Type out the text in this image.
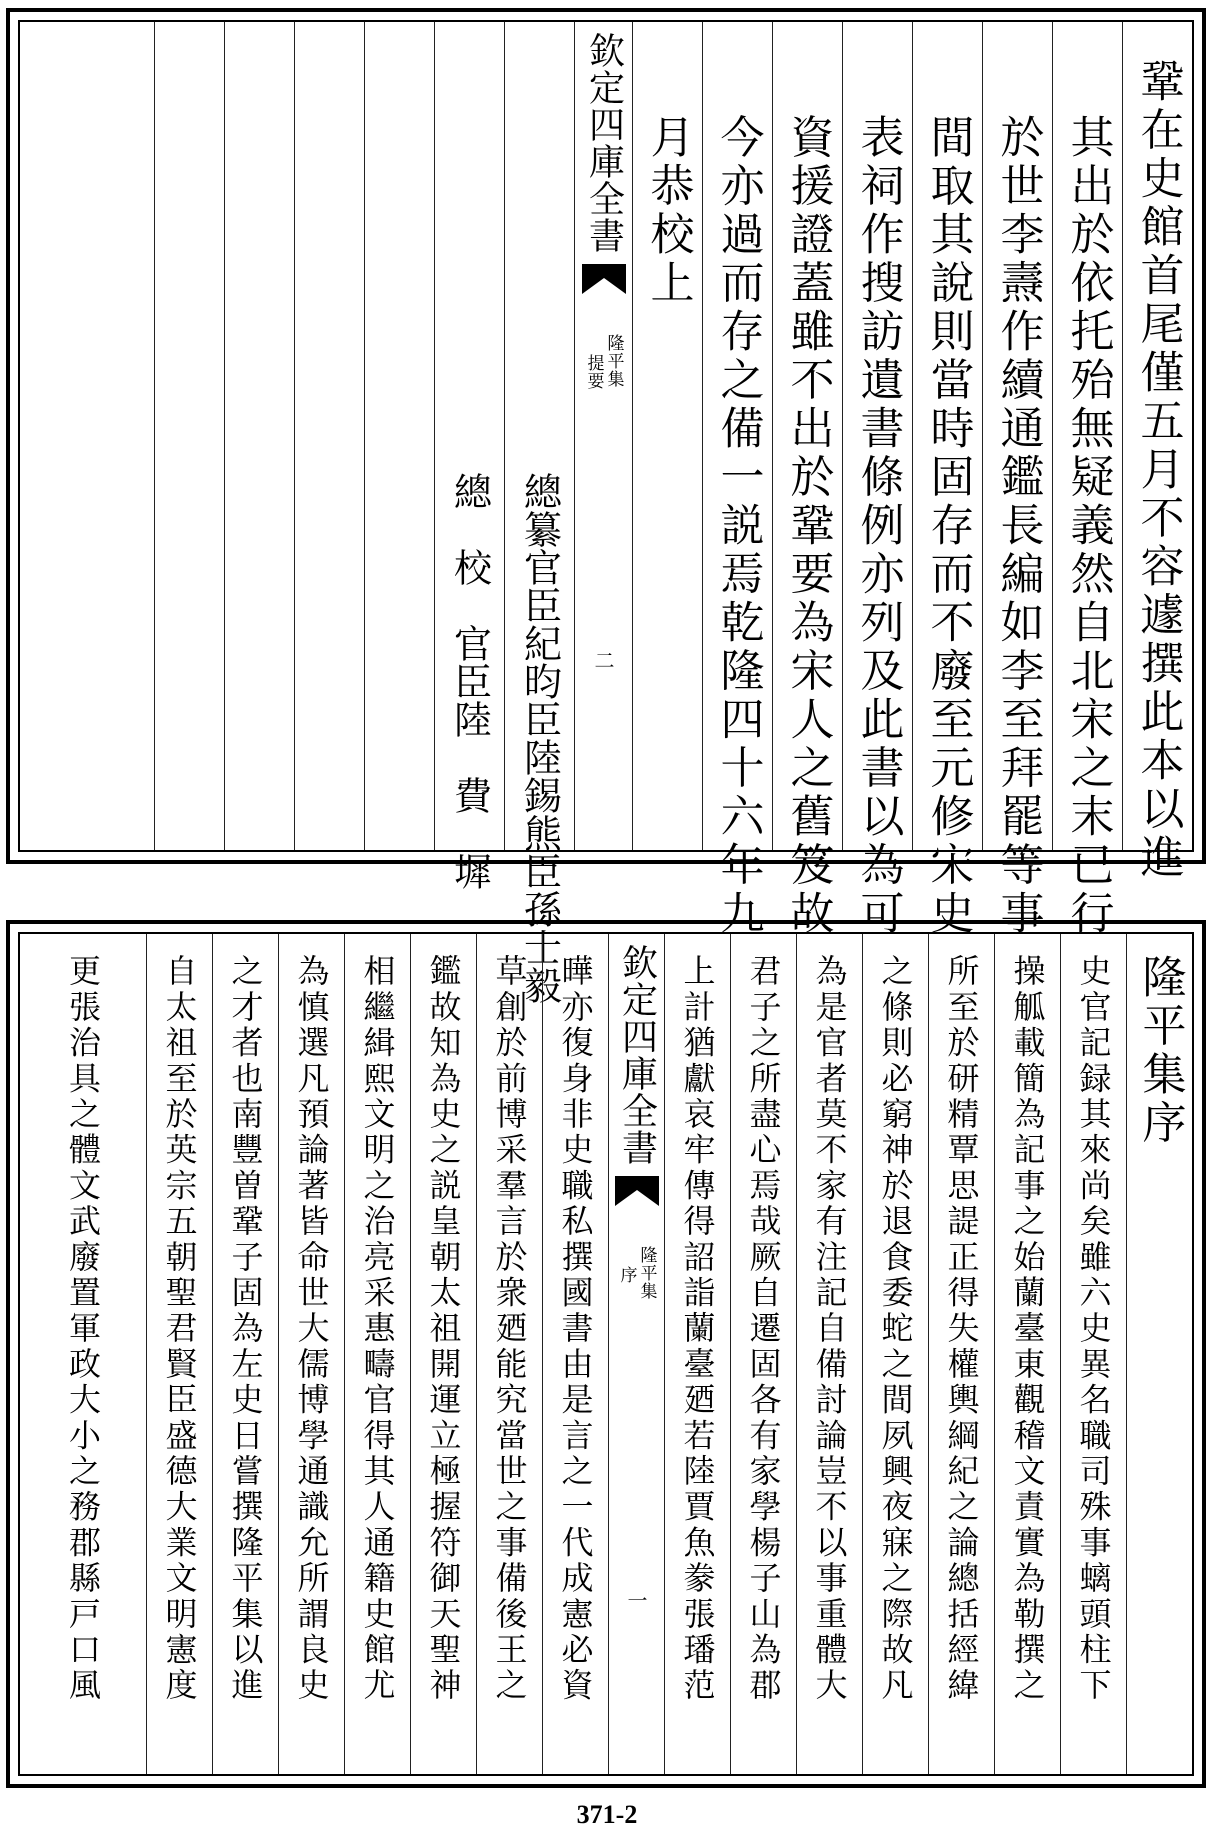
鞏在史館首尾僅五月不容遽撰此本以進
其出於依托殆無疑義然自北宋之末已行
於世李燾作續通鑑長編如李至拜罷等事
間取其說則當時固存而不廢至元修宋史
表祠作搜訪遺書條例亦列及此書以為可
資援證蓋雖不出於鞏要為宋人之舊笈故
今亦過而存之備一説焉乾隆四十六年九
月恭校上
欽定四庫全書
隆平集
提要
二
總纂官臣紀昀臣陸錫熊臣孫士毅
總　校　官臣陸　費　墀
隆平集序
史官記録其來尚矣雖六史異名職司殊事螭頭柱下
操觚載簡為記事之始蘭臺東觀稽文責實為勒撰之
所至於研精覃思諟正得失權輿綱紀之論總括經緯
之條則必窮神於退食委蛇之間夙興夜寐之際故凡
為是官者莫不家有注記自備討論豈不以事重體大
君子之所盡心焉哉厥自遷固各有家學楊子山為郡
上計猶獻哀牢傳得詔詣蘭臺廼若陸賈魚豢張璠范
欽定四庫全書
隆平集
序
一
曄亦復身非史職私撰國書由是言之一代成憲必資
草創於前博采羣言於衆廼能究當世之事備後王之
鑑故知為史之説皇朝太祖開運立極握符御天聖神
相繼緝熙文明之治亮采惠疇官得其人通籍史館尤
為慎選凡預論著皆命世大儒博學通識允所謂良史
之才者也南豐曽鞏子固為左史日嘗撰隆平集以進
自太祖至於英宗五朝聖君賢臣盛德大業文明憲度
更張治具之體文武廢置軍政大小之務郡縣戸口風
371-2
